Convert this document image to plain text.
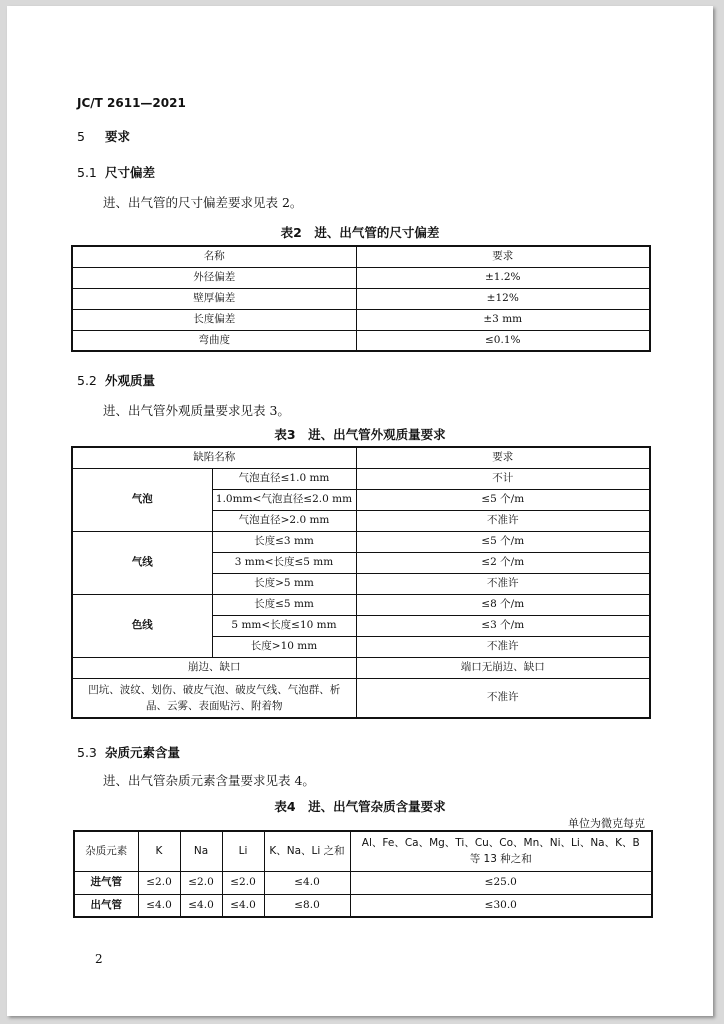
JC/T 2611—2021
5 要求
5.1 尺寸偏差
进、出气管的尺寸偏差要求见表 2。
表2　进、出气管的尺寸偏差
名称	要求
外径偏差	±1.2%
壁厚偏差	±12%
长度偏差	±3 mm
弯曲度	≤0.1%
5.2 外观质量
进、出气管外观质量要求见表 3。
表3　进、出气管外观质量要求
缺陷名称		要求
气泡	气泡直径≤1.0 mm	不计
	1.0mm<气泡直径≤2.0 mm	≤5 个/m
	气泡直径>2.0 mm	不准许
气线	长度≤3 mm	≤5 个/m
	3 mm<长度≤5 mm	≤2 个/m
	长度>5 mm	不准许
色线	长度≤5 mm	≤8 个/m
	5 mm<长度≤10 mm	≤3 个/m
	长度>10 mm	不准许
崩边、缺口		端口无崩边、缺口
凹坑、波纹、划伤、破皮气泡、破皮气线、气泡群、析晶、云雾、表面贴污、附着物		不准许
5.3 杂质元素含量
进、出气管杂质元素含量要求见表 4。
表4　进、出气管杂质含量要求
单位为微克每克
杂质元素	K	Na	Li	K、Na、Li 之和	Al、Fe、Ca、Mg、Ti、Cu、Co、Mn、Ni、Li、Na、K、B 等 13 种之和
进气管	≤2.0	≤2.0	≤2.0	≤4.0	≤25.0
出气管	≤4.0	≤4.0	≤4.0	≤8.0	≤30.0
2
